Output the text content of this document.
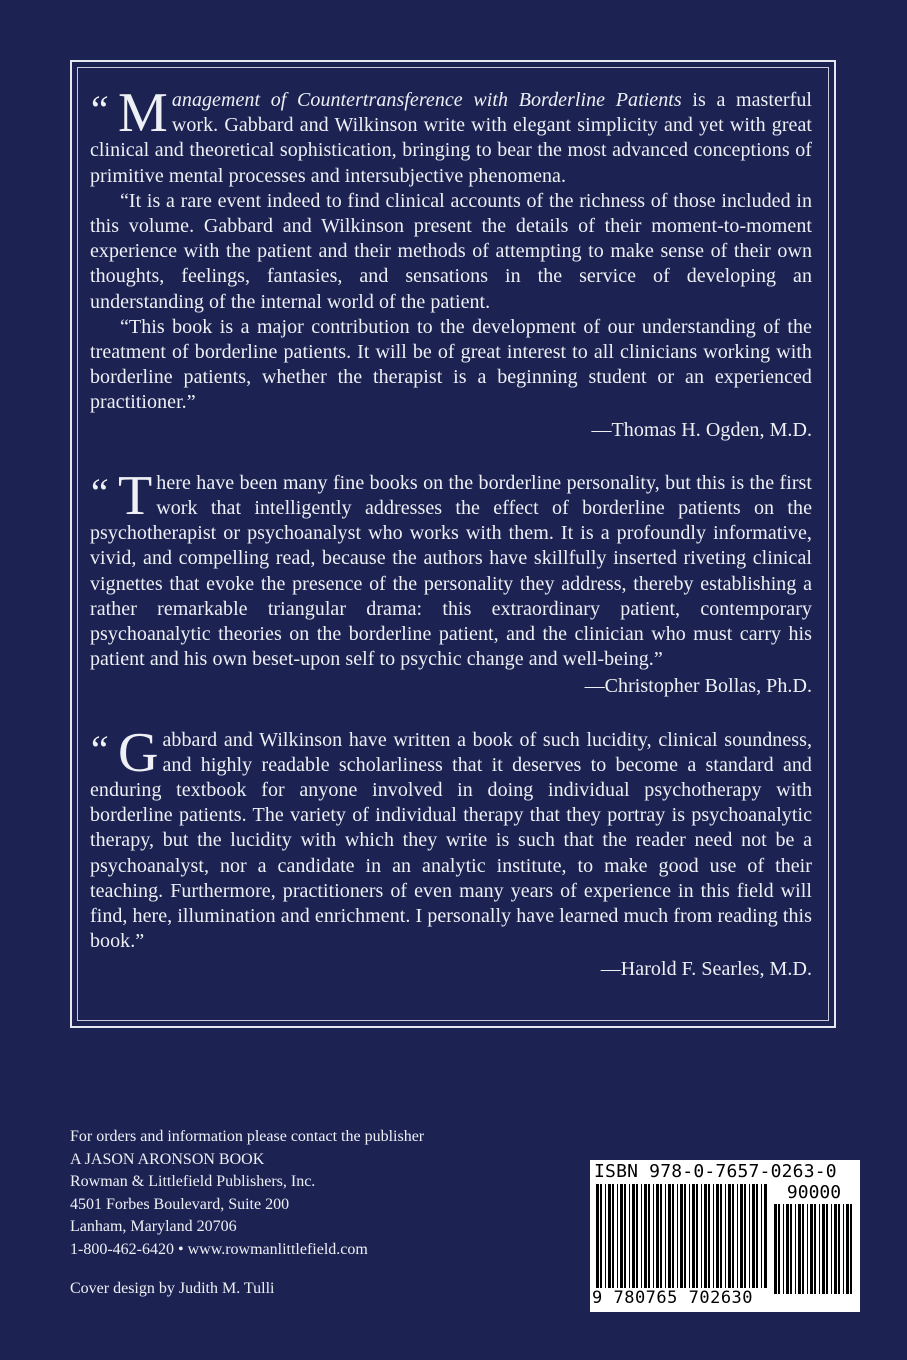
“ M anagement of Countertransference with Borderline Patients is a masterful work. Gabbard and Wilkinson write with elegant simplicity and yet with great clinical and theoretical sophistication, bringing to bear the most advanced conceptions of primitive mental processes and intersubjective phenomena.

“It is a rare event indeed to find clinical accounts of the richness of those included in this volume. Gabbard and Wilkinson present the details of their moment-to-moment experience with the patient and their methods of attempting to make sense of their own thoughts, feelings, fantasies, and sensations in the service of developing an understanding of the internal world of the patient.

“This book is a major contribution to the development of our understanding of the treatment of borderline patients. It will be of great interest to all clinicians working with borderline patients, whether the therapist is a beginning student or an experienced practitioner.”

—Thomas H. Ogden, M.D.

“ T here have been many fine books on the borderline personality, but this is the first work that intelligently addresses the effect of borderline patients on the psychotherapist or psychoanalyst who works with them. It is a profoundly informative, vivid, and compelling read, because the authors have skillfully inserted riveting clinical vignettes that evoke the presence of the personality they address, thereby establishing a rather remarkable triangular drama: this extraordinary patient, contemporary psychoanalytic theories on the borderline patient, and the clinician who must carry his patient and his own beset-upon self to psychic change and well-being.”

—Christopher Bollas, Ph.D.

“ G abbard and Wilkinson have written a book of such lucidity, clinical soundness, and highly readable scholarliness that it deserves to become a standard and enduring textbook for anyone involved in doing individual psychotherapy with borderline patients. The variety of individual therapy that they portray is psychoanalytic therapy, but the lucidity with which they write is such that the reader need not be a psychoanalyst, nor a candidate in an analytic institute, to make good use of their teaching. Furthermore, practitioners of even many years of experience in this field will find, here, illumination and enrichment. I personally have learned much from reading this book.”

—Harold F. Searles, M.D.
For orders and information please contact the publisher
A JASON ARONSON BOOK
Rowman & Littlefield Publishers, Inc.
4501 Forbes Boulevard, Suite 200
Lanham, Maryland 20706
1-800-462-6420 • www.rowmanlittlefield.com
Cover design by Judith M. Tulli
ISBN 978-0-7657-0263-0
90000
9 780765 702630
